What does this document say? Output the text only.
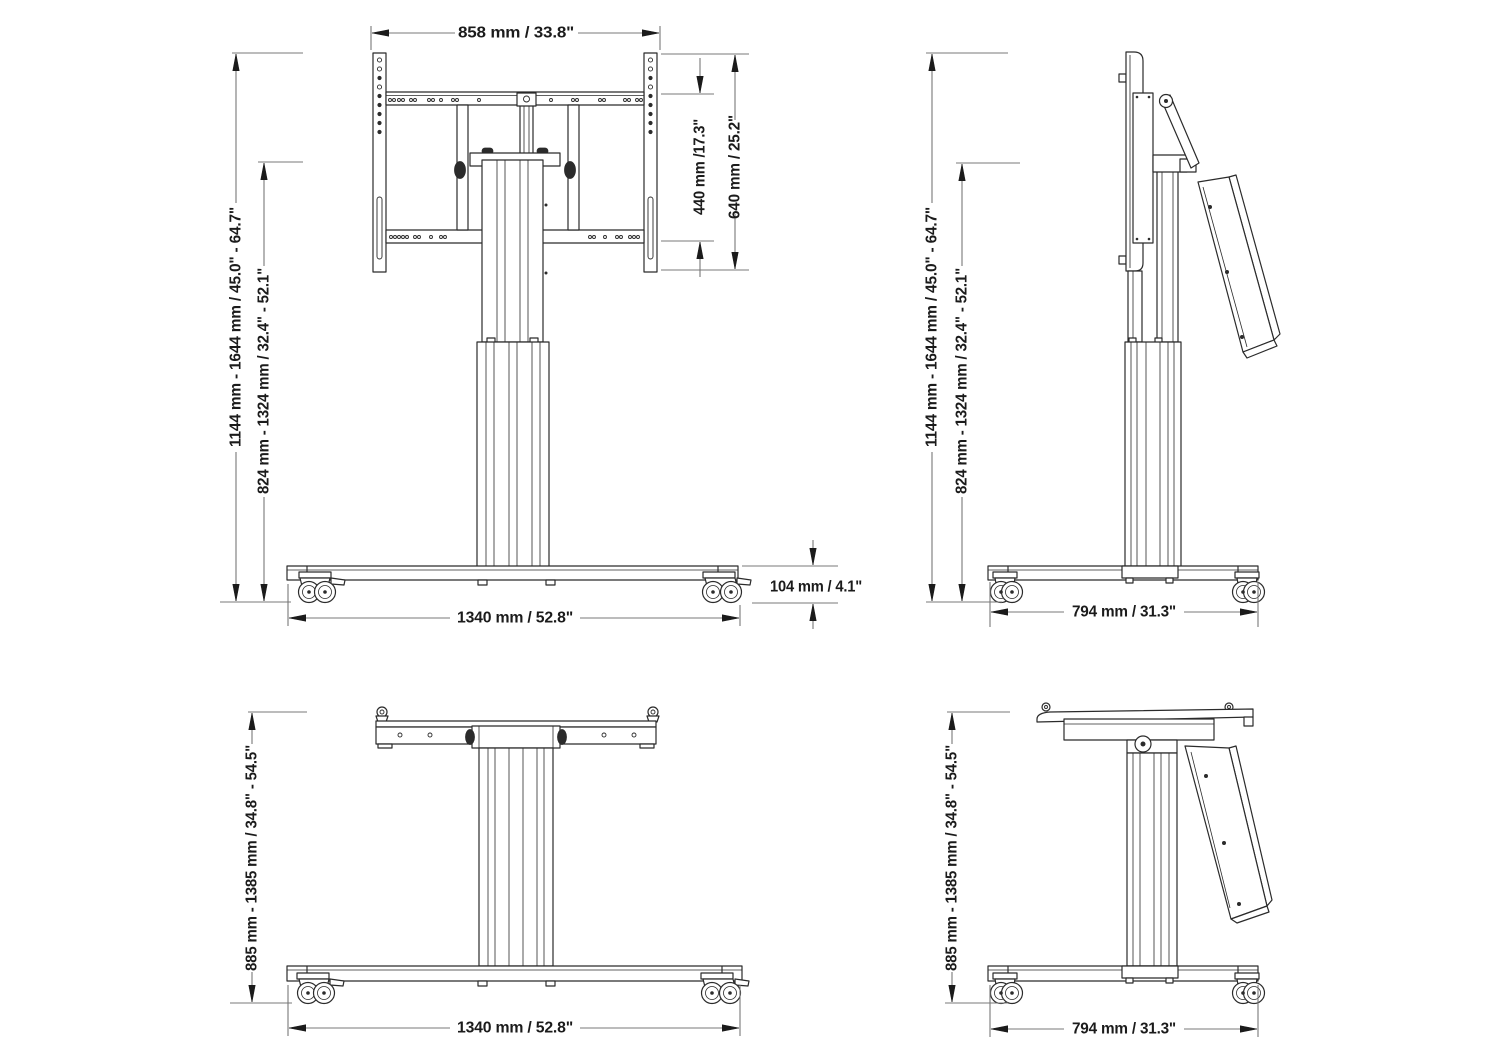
858 mm / 33.8"
1144 mm - 1644 mm / 45.0" - 64.7" 824 mm - 1324 mm / 32.4" - 52.1"
440 mm /17.3" 640 mm / 25.2"
104 mm / 4.1"
1340 mm / 52.8"
1144 mm - 1644 mm / 45.0" - 64.7" 824 mm - 1324 mm / 32.4" - 52.1"
794 mm / 31.3"
885 mm - 1385 mm / 34.8" - 54.5"
1340 mm / 52.8"
885 mm - 1385 mm / 34.8" - 54.5"
794 mm / 31.3"
